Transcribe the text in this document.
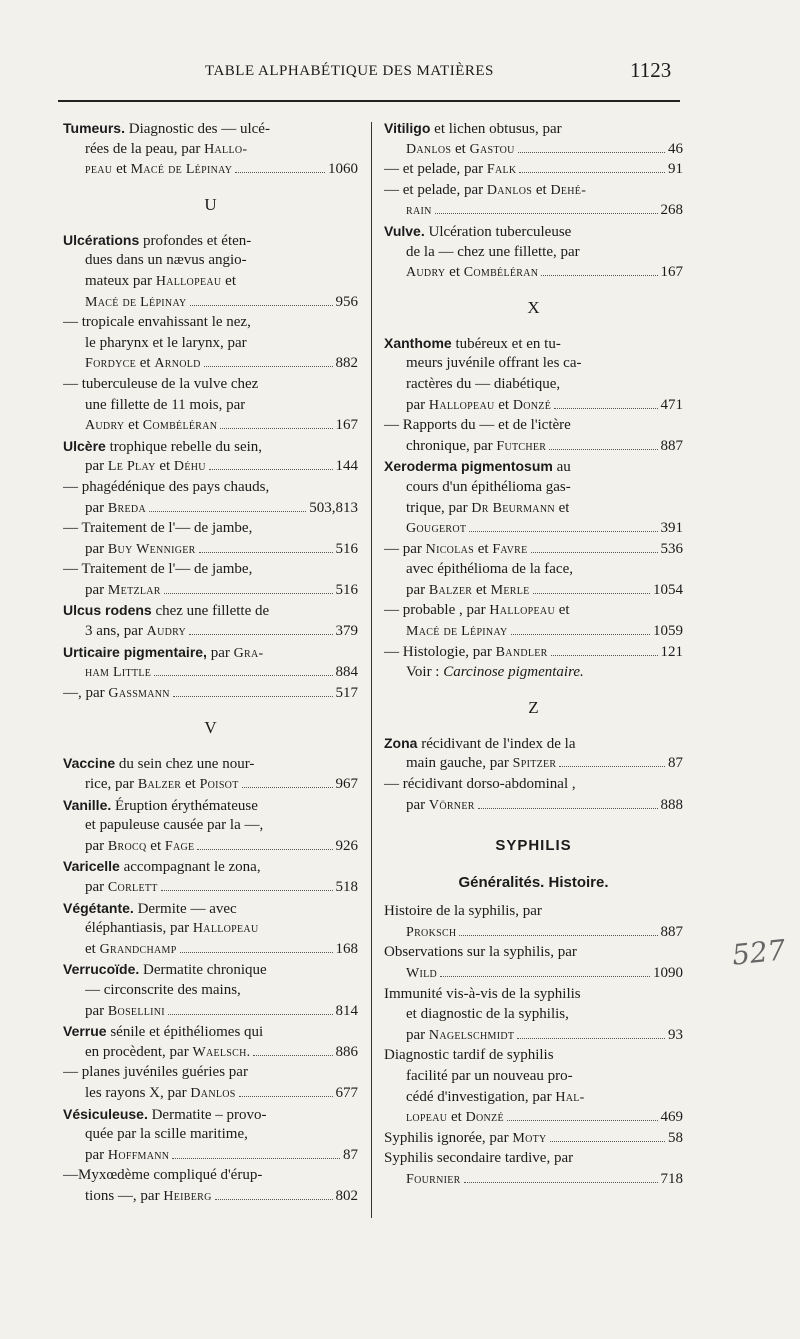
TABLE ALPHABÉTIQUE DES MATIÈRES	1123
Tumeurs. Diagnostic des — ulcé-
rées de la peau, par Hallo-
peau et Macé de Lépinay	1060
U
Ulcérations profondes et éten-
dues dans un nævus angio-
mateux par Hallopeau et
Macé de Lépinay	956
— tropicale envahissant le nez,
le pharynx et le larynx, par
Fordyce et Arnold	882
— tuberculeuse de la vulve chez
une fillette de 11 mois, par
Audry et Combéléran	167
Ulcère trophique rebelle du sein,
par Le Play et Déhu	144
— phagédénique des pays chauds,
par Breda	503,813
— Traitement de l'— de jambe,
par Buy Wenniger	516
— Traitement de l'— de jambe,
par Metzlar	516
Ulcus rodens chez une fillette de
3 ans, par Audry	379
Urticaire pigmentaire, par Gra-
ham Little	884
—, par Gassmann	517
V
Vaccine du sein chez une nour-
rice, par Balzer et Poisot	967
Vanille. Éruption érythémateuse
et papuleuse causée par la —,
par Brocq et Fage	926
Varicelle accompagnant le zona,
par Corlett	518
Végétante. Dermite — avec
éléphantiasis, par Hallopeau
et Grandchamp	168
Verrucoïde. Dermatite chronique
— circonscrite des mains,
par Bosellini	814
Verrue sénile et épithéliomes qui
en procèdent, par Waelsch.	886
— planes juvéniles guéries par
les rayons X, par Danlos	677
Vésiculeuse. Dermatite – provo-
quée par la scille maritime,
par Hoffmann	87
—Myxœdème compliqué d'érup-
tions —, par Heiberg	802
Vitiligo et lichen obtusus, par
Danlos et Gastou	46
— et pelade, par Falk	91
— et pelade, par Danlos et Dehé-
rain	268
Vulve. Ulcération tuberculeuse
de la — chez une fillette, par
Audry et Combéléran	167
X
Xanthome tubéreux et en tu-
meurs juvénile offrant les ca-
ractères du — diabétique,
par Hallopeau et Donzé	471
— Rapports du — et de l'ictère
chronique, par Futcher	887
Xeroderma pigmentosum au
cours d'un épithélioma gas-
trique, par Dr Beurmann et
Gougerot	391
— par Nicolas et Favre	536
avec épithélioma de la face,
par Balzer et Merle	1054
— probable , par Hallopeau et
Macé de Lépinay	1059
— Histologie, par Bandler	121
Voir : Carcinose pigmentaire.
Z
Zona récidivant de l'index de la
main gauche, par Spitzer	87
— récidivant dorso-abdominal ,
par Vörner	888
SYPHILIS
Généralités. Histoire.
Histoire de la syphilis, par
Proksch	887
Observations sur la syphilis, par
Wild	1090
Immunité vis-à-vis de la syphilis
et diagnostic de la syphilis,
par Nagelschmidt	93
Diagnostic tardif de syphilis
facilité par un nouveau pro-
cédé d'investigation, par Hal-
lopeau et Donzé	469
Syphilis ignorée, par Moty	58
Syphilis secondaire tardive, par
Fournier	718
527
